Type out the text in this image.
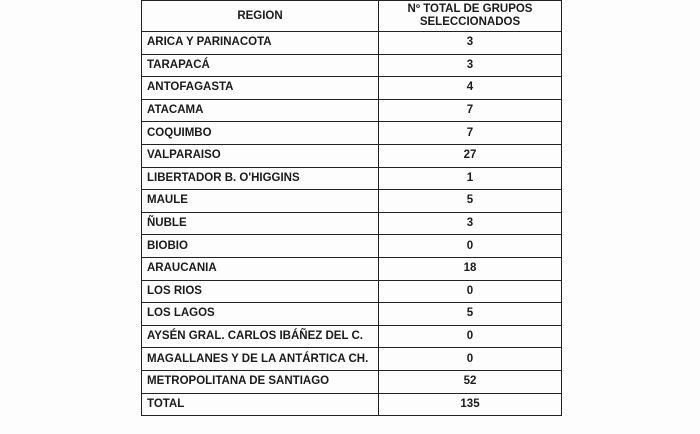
REGION	Nº TOTAL DE GRUPOS
SELECCIONADOS
ARICA Y PARINACOTA	3
TARAPACÁ	3
ANTOFAGASTA	4
ATACAMA	7
COQUIMBO	7
VALPARAISO	27
LIBERTADOR B. O'HIGGINS	1
MAULE	5
ÑUBLE	3
BIOBIO	0
ARAUCANIA	18
LOS RIOS	0
LOS LAGOS	5
AYSÉN GRAL. CARLOS IBÁÑEZ DEL C.	0
MAGALLANES Y DE LA ANTÁRTICA CH.	0
METROPOLITANA DE SANTIAGO	52
TOTAL	135
